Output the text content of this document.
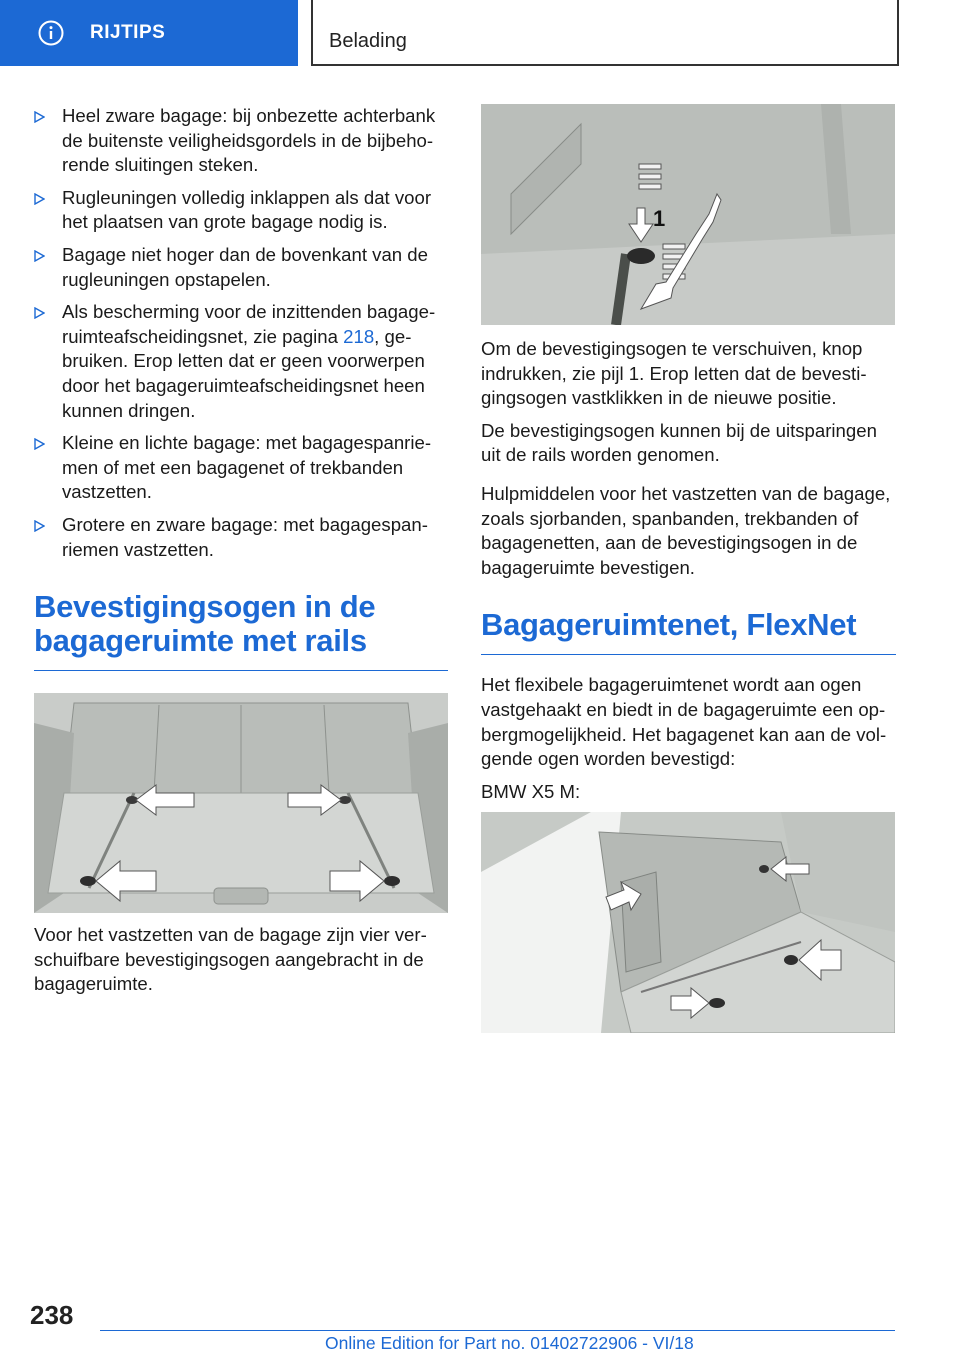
RIJTIPS	Belading
Heel zware bagage: bij onbezette achterbank de buitenste veiligheidsgordels in de bijbehorende sluitingen steken.
Rugleuningen volledig inklappen als dat voor het plaatsen van grote bagage nodig is.
Bagage niet hoger dan de bovenkant van de rugleuningen opstapelen.
Als bescherming voor de inzittenden bagageruimteafscheidingsnet, zie pagina 218, gebruiken. Erop letten dat er geen voorwerpen door het bagageruimteafscheidingsnet heen kunnen dringen.
Kleine en lichte bagage: met bagagespanriemen of met een bagagenet of trekbanden vastzetten.
Grotere en zware bagage: met bagagespanriemen vastzetten.
Bevestigingsogen in de bagageruimte met rails

Voor het vastzetten van de bagage zijn vier verschuifbare bevestigingsogen aangebracht in de bagageruimte.

1

Om de bevestigingsogen te verschuiven, knop indrukken, zie pijl 1. Erop letten dat de bevestigingsogen vastklikken in de nieuwe positie.

De bevestigingsogen kunnen bij de uitsparingen uit de rails worden genomen.

Hulpmiddelen voor het vastzetten van de bagage, zoals sjorbanden, spanbanden, trekbanden of bagagenetten, aan de bevestigingsogen in de bagageruimte bevestigen.

Bagageruimtenet, FlexNet

Het flexibele bagageruimtenet wordt aan ogen vastgehaakt en biedt in de bagageruimte een opbergmogelijkheid. Het bagagenet kan aan de volgende ogen worden bevestigd:

BMW X5 M:

238
Online Edition for Part no. 01402722906 - VI/18
